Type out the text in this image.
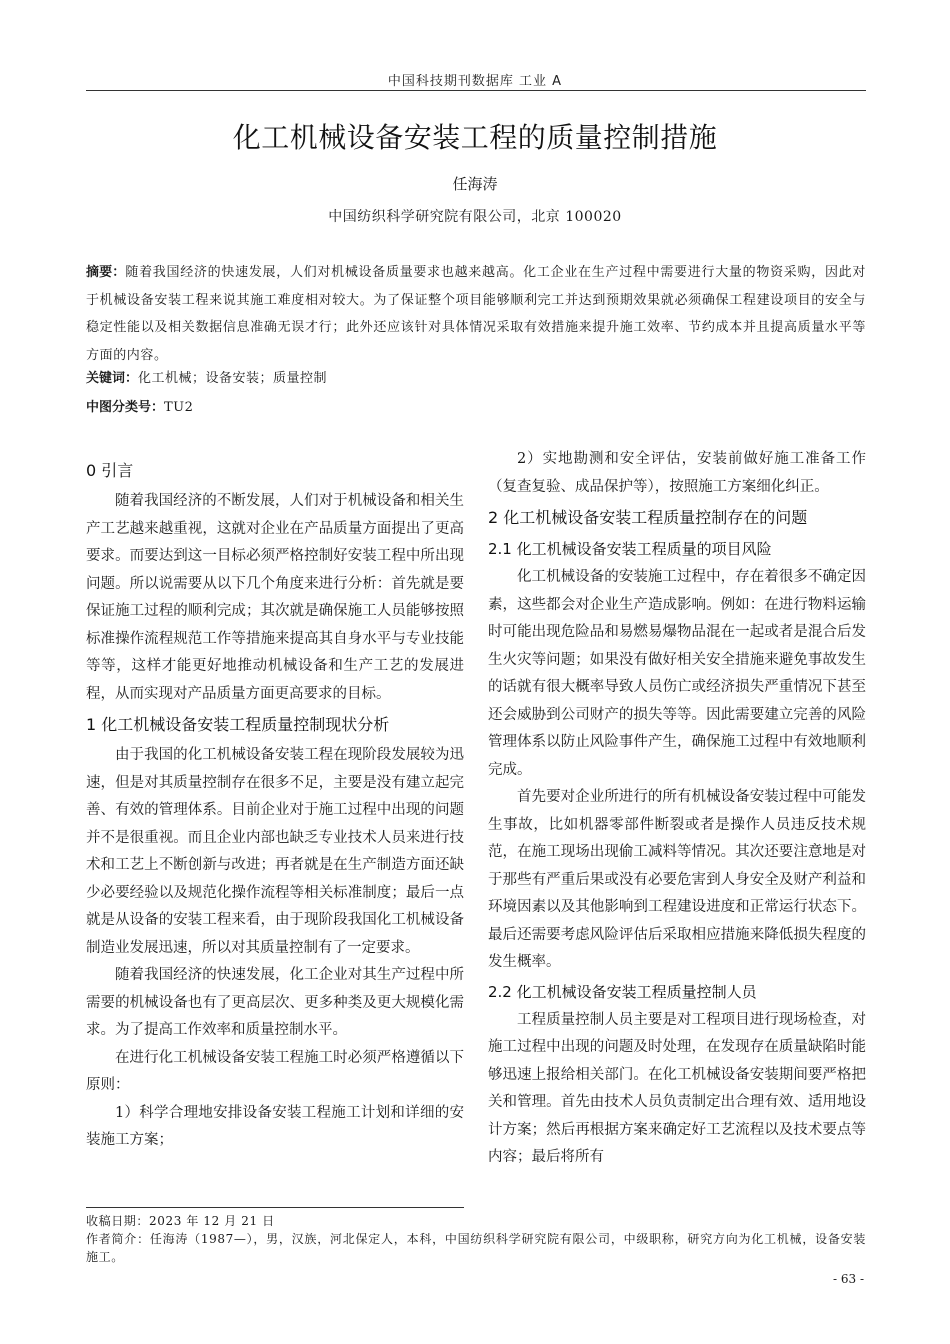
中国科技期刊数据库 工业 A
化工机械设备安装工程的质量控制措施
任海涛
中国纺织科学研究院有限公司，北京 100020
摘要：随着我国经济的快速发展，人们对机械设备质量要求也越来越高。化工企业在生产过程中需要进行大量的物资采购，因此对于机械设备安装工程来说其施工难度相对较大。为了保证整个项目能够顺利完工并达到预期效果就必须确保工程建设项目的安全与稳定性能以及相关数据信息准确无误才行；此外还应该针对具体情况采取有效措施来提升施工效率、节约成本并且提高质量水平等方面的内容。
关键词：化工机械；设备安装；质量控制
中图分类号：TU2
0 引言

随着我国经济的不断发展，人们对于机械设备和相关生产工艺越来越重视，这就对企业在产品质量方面提出了更高要求。而要达到这一目标必须严格控制好安装工程中所出现问题。所以说需要从以下几个角度来进行分析：首先就是要保证施工过程的顺利完成；其次就是确保施工人员能够按照标准操作流程规范工作等措施来提高其自身水平与专业技能等等，这样才能更好地推动机械设备和生产工艺的发展进程，从而实现对产品质量方面更高要求的目标。

1 化工机械设备安装工程质量控制现状分析

由于我国的化工机械设备安装工程在现阶段发展较为迅速，但是对其质量控制存在很多不足，主要是没有建立起完善、有效的管理体系。目前企业对于施工过程中出现的问题并不是很重视。而且企业内部也缺乏专业技术人员来进行技术和工艺上不断创新与改进；再者就是在生产制造方面还缺少必要经验以及规范化操作流程等相关标准制度；最后一点就是从设备的安装工程来看，由于现阶段我国化工机械设备制造业发展迅速，所以对其质量控制有了一定要求。

随着我国经济的快速发展，化工企业对其生产过程中所需要的机械设备也有了更高层次、更多种类及更大规模化需求。为了提高工作效率和质量控制水平。

在进行化工机械设备安装工程施工时必须严格遵循以下原则：

1）科学合理地安排设备安装工程施工计划和详细的安装施工方案；

2）实地勘测和安全评估，安装前做好施工准备工作（复查复验、成品保护等），按照施工方案细化纠正。

2 化工机械设备安装工程质量控制存在的问题
2.1 化工机械设备安装工程质量的项目风险

化工机械设备的安装施工过程中，存在着很多不确定因素，这些都会对企业生产造成影响。例如：在进行物料运输时可能出现危险品和易燃易爆物品混在一起或者是混合后发生火灾等问题；如果没有做好相关安全措施来避免事故发生的话就有很大概率导致人员伤亡或经济损失严重情况下甚至还会威胁到公司财产的损失等等。因此需要建立完善的风险管理体系以防止风险事件产生，确保施工过程中有效地顺利完成。

首先要对企业所进行的所有机械设备安装过程中可能发生事故，比如机器零部件断裂或者是操作人员违反技术规范，在施工现场出现偷工减料等情况。其次还要注意地是对于那些有严重后果或没有必要危害到人身安全及财产利益和环境因素以及其他影响到工程建设进度和正常运行状态下。最后还需要考虑风险评估后采取相应措施来降低损失程度的发生概率。

2.2 化工机械设备安装工程质量控制人员

工程质量控制人员主要是对工程项目进行现场检查，对施工过程中出现的问题及时处理，在发现存在质量缺陷时能够迅速上报给相关部门。在化工机械设备安装期间要严格把关和管理。首先由技术人员负责制定出合理有效、适用地设计方案；然后再根据方案来确定好工艺流程以及技术要点等内容；最后将所有

收稿日期：2023 年 12 月 21 日
作者简介：任海涛（1987—），男，汉族，河北保定人，本科，中国纺织科学研究院有限公司，中级职称，研究方向为化工机械，设备安装施工。
- 63 -
